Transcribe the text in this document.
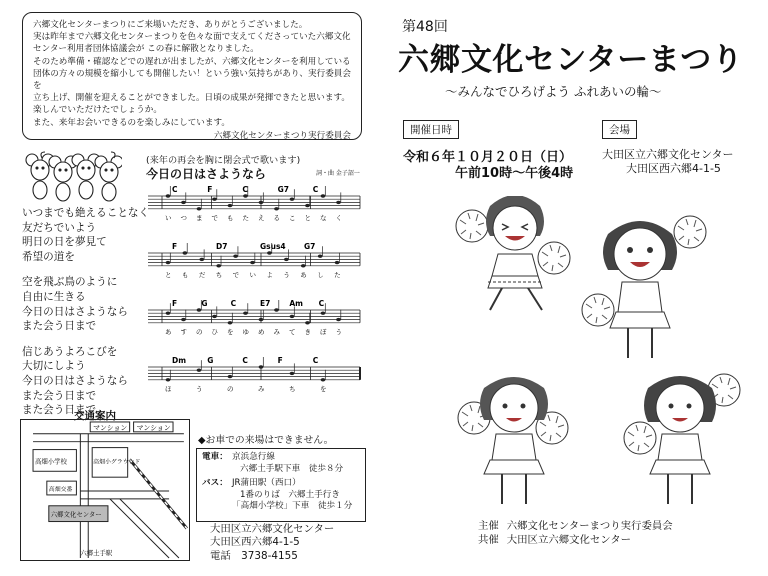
六郷文化センターまつりにご来場いただき、ありがとうございました。

実は昨年まで六郷文化センターまつりを色々な面で支えてくださっていた六郷文化

センター利用者団体協議会が この春に解散となりました。

そのため準備・確認などでの遅れが出ましたが、六郷文化センターを利用している

団体の方々の規模を縮小しても開催したい！という強い気持ちがあり、実行委員会を

立ち上げ、開催を迎えることができました。日頃の成果が発揮できたと思います。

楽しんでいただけたでしょうか。

また、来年お会いできるのを楽しみにしています。

六郷文化センターまつり実行委員会

いつまでも絶えることなく
友だちでいよう
明日の日を夢見て
希望の道を
空を飛ぶ鳥のように
自由に生きる
今日の日はさようなら
また会う日まで
信じあうよろこびを
大切にしよう
今日の日はさようなら
また会う日まで
また会う日まで
(来年の再会を胸に閉会式で歌います)
今日の日はさようなら	詞・曲 金子詔一
C	F	C	G7	C
い つ ま で も た え る こ と な く
F	D7	Gsus4 G7
と も だ ち で い よ う あ し た
F	G	C	E7	Am C
あ す の ひ を ゆ め み て き ぼ う
Dm	G	C	F	C
ほ	う	の	み	ち	を
交通案内
マンション マンション
高畑小学校	高畑小グラウンド
高畑交番
六郷文化センター
六郷土手駅
◆お車での来場はできません。
電車： 京浜急行線
六郷土手駅下車　徒歩８分
バス： JR蒲田駅（西口）
1番のりば　六郷土手行き
「高畑小学校」下車　徒歩１分
大田区立六郷文化センター
大田区西六郷4-1-5
電話　3738-4155
第48回
六郷文化センターまつり
～みんなでひろげよう ふれあいの輪～
開催日時	会場
令和６年１０月２０日（日）
午前10時～午後4時
大田区立六郷文化センター
大田区西六郷4-1-5
主催 六郷文化センターまつり実行委員会
共催 大田区立六郷文化センター
